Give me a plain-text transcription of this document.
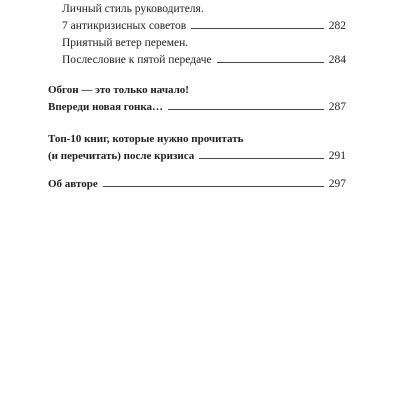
Личный стиль руководителя.
7 антикризисных советов	282
Приятный ветер перемен.
Послесловие к пятой передаче	284
Обгон — это только начало!
Впереди новая гонка…	287
Топ-10 книг, которые нужно прочитать
(и перечитать) после кризиса	291
Об авторе	297
